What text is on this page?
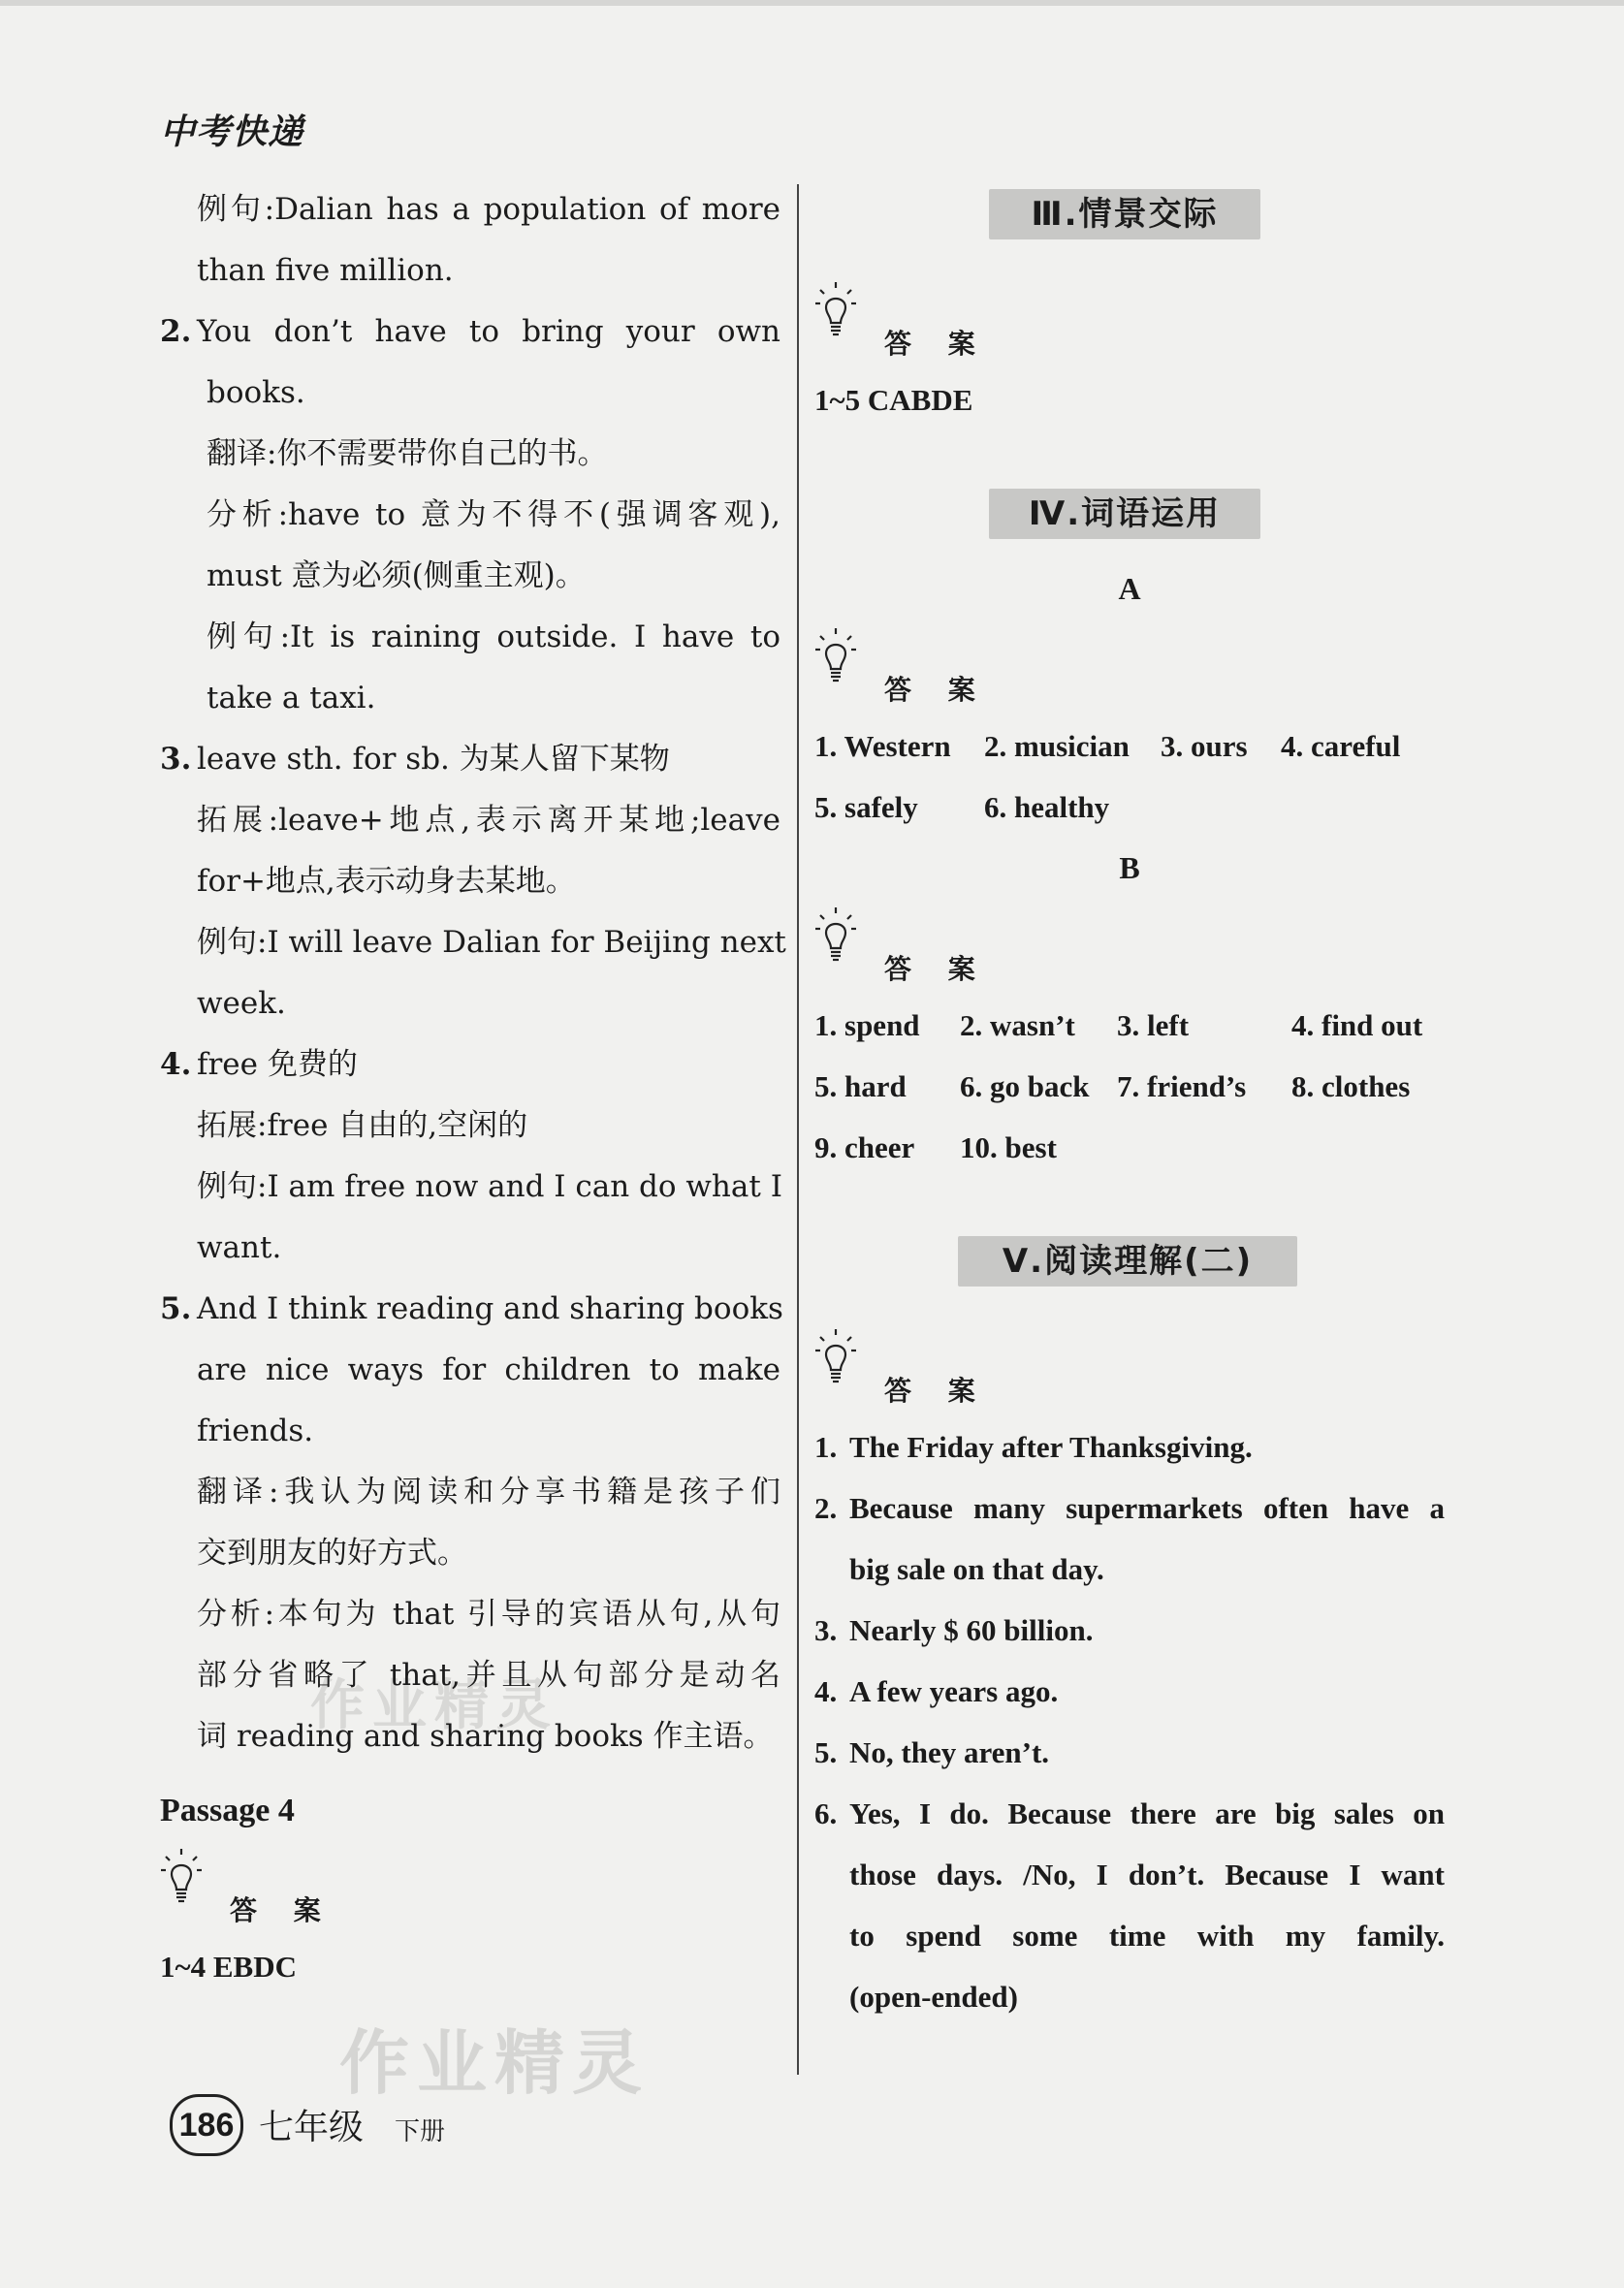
中考快递
作业精灵
作业精灵
例句:Dalian has a population of more
than five million.
2. You don’t have to bring your own
books.
翻译:你不需要带你自己的书。
分析:have to 意为不得不(强调客观),
must 意为必须(侧重主观)。
例句:It is raining outside. I have to
take a taxi.
3. leave sth. for sb. 为某人留下某物
拓展:leave+地点,表示离开某地;leave
for+地点,表示动身去某地。
例句:I will leave Dalian for Beijing next
week.
4. free 免费的
拓展:free 自由的,空闲的
例句:I am free now and I can do what I
want.
5. And I think reading and sharing books
are nice ways for children to make
friends.
翻译:我认为阅读和分享书籍是孩子们
交到朋友的好方式。
分析:本句为 that 引导的宾语从句,从句
部分省略了 that,并且从句部分是动名
词 reading and sharing books 作主语。
Passage 4
答 案
1~4 EBDC
Ⅲ.情景交际
答 案
1~5 CABDE
Ⅳ.词语运用
A
答 案
1. Western 2. musician 3. ours 4. careful
5. safely 6. healthy
B
答 案
1. spend 2. wasn’t 3. left	4. find out
5. hard 6. go back 7. friend’s 8. clothes
9. cheer 10. best
Ⅴ.阅读理解(二)
答 案
1. The Friday after Thanksgiving.
2. Because many supermarkets often have a
big sale on that day.
3. Nearly $ 60 billion.
4. A few years ago.
5. No, they aren’t.
6. Yes, I do. Because there are big sales on
those days. /No, I don’t. Because I want
to spend some time with my family.
(open-ended)
186 七年级 下册
